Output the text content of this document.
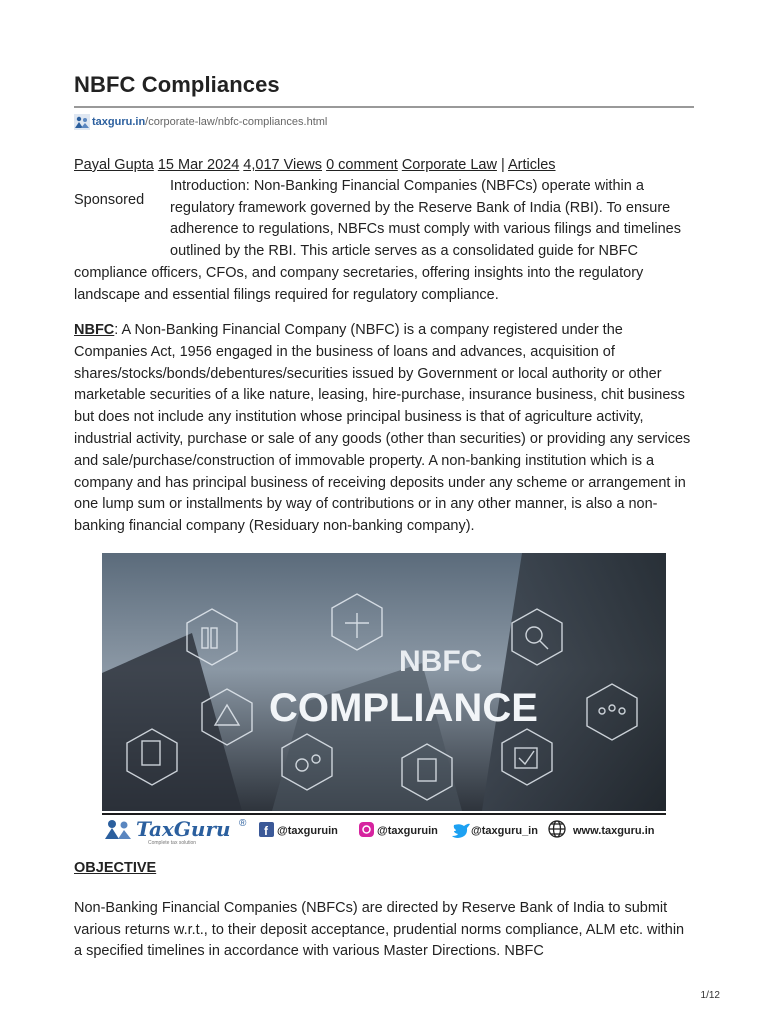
NBFC Compliances
taxguru.in /corporate-law/nbfc-compliances.html
Payal Gupta 15 Mar 2024 4,017 Views 0 comment Corporate Law | Articles
Sponsored

Introduction: Non-Banking Financial Companies (NBFCs) operate within a regulatory framework governed by the Reserve Bank of India (RBI). To ensure adherence to regulations, NBFCs must comply with various filings and timelines outlined by the RBI. This article serves as a consolidated guide for NBFC compliance officers, CFOs, and company secretaries, offering insights into the regulatory landscape and essential filings required for regulatory compliance.

NBFC: A Non-Banking Financial Company (NBFC) is a company registered under the Companies Act, 1956 engaged in the business of loans and advances, acquisition of shares/stocks/bonds/debentures/securities issued by Government or local authority or other marketable securities of a like nature, leasing, hire-purchase, insurance business, chit business but does not include any institution whose principal business is that of agriculture activity, industrial activity, purchase or sale of any goods (other than securities) or providing any services and sale/purchase/construction of immovable property. A non-banking institution which is a company and has principal business of receiving deposits under any scheme or arrangement in one lump sum or installments by way of contributions or in any other manner, is also a non-banking financial company (Residuary non-banking company).

NBFC
COMPLIANCE
TaxGuru ®
Complete tax solution
f @taxguruin	@taxguruin	@taxguru_in	www.taxguru.in
OBJECTIVE

Non-Banking Financial Companies (NBFCs) are directed by Reserve Bank of India to submit various returns w.r.t., to their deposit acceptance, prudential norms compliance, ALM etc. within a specified timelines in accordance with various Master Directions. NBFC

1/12
